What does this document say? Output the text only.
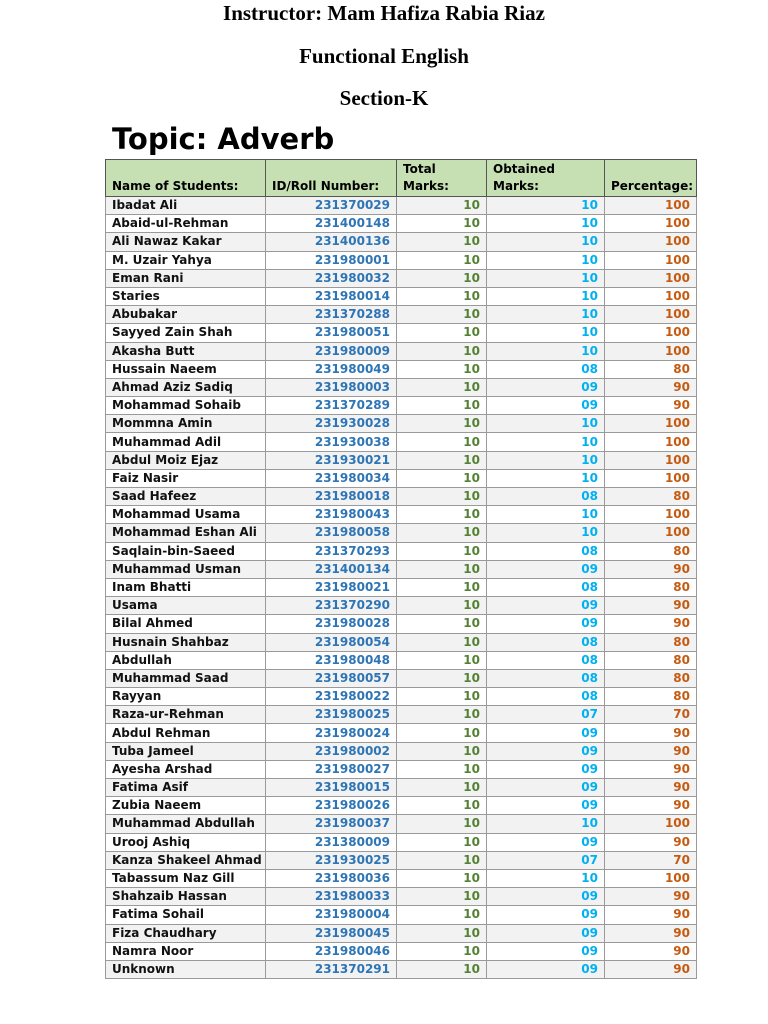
Instructor: Mam Hafiza Rabia Riaz
Functional English
Section-K
Topic: Adverb
Name of Students:	ID/Roll Number:	Total Marks:	Obtained Marks:	Percentage:
Ibadat Ali	231370029	10	10	100
Abaid-ul-Rehman	231400148	10	10	100
Ali Nawaz Kakar	231400136	10	10	100
M. Uzair Yahya	231980001	10	10	100
Eman Rani	231980032	10	10	100
Staries	231980014	10	10	100
Abubakar	231370288	10	10	100
Sayyed Zain Shah	231980051	10	10	100
Akasha Butt	231980009	10	10	100
Hussain Naeem	231980049	10	08	80
Ahmad Aziz Sadiq	231980003	10	09	90
Mohammad Sohaib	231370289	10	09	90
Mommna Amin	231930028	10	10	100
Muhammad Adil	231930038	10	10	100
Abdul Moiz Ejaz	231930021	10	10	100
Faiz Nasir	231980034	10	10	100
Saad Hafeez	231980018	10	08	80
Mohammad Usama	231980043	10	10	100
Mohammad Eshan Ali	231980058	10	10	100
Saqlain-bin-Saeed	231370293	10	08	80
Muhammad Usman	231400134	10	09	90
Inam Bhatti	231980021	10	08	80
Usama	231370290	10	09	90
Bilal Ahmed	231980028	10	09	90
Husnain Shahbaz	231980054	10	08	80
Abdullah	231980048	10	08	80
Muhammad Saad	231980057	10	08	80
Rayyan	231980022	10	08	80
Raza-ur-Rehman	231980025	10	07	70
Abdul Rehman	231980024	10	09	90
Tuba Jameel	231980002	10	09	90
Ayesha Arshad	231980027	10	09	90
Fatima Asif	231980015	10	09	90
Zubia Naeem	231980026	10	09	90
Muhammad Abdullah	231980037	10	10	100
Urooj Ashiq	231380009	10	09	90
Kanza Shakeel Ahmad	231930025	10	07	70
Tabassum Naz Gill	231980036	10	10	100
Shahzaib Hassan	231980033	10	09	90
Fatima Sohail	231980004	10	09	90
Fiza Chaudhary	231980045	10	09	90
Namra Noor	231980046	10	09	90
Unknown	231370291	10	09	90
